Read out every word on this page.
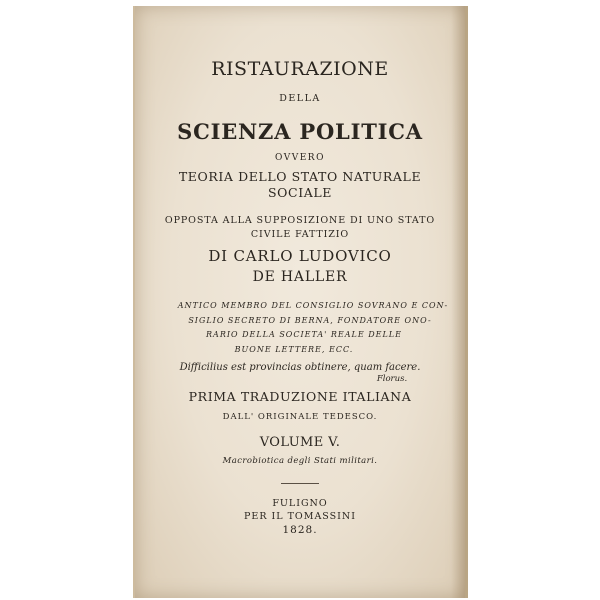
RISTAURAZIONE
DELLA
SCIENZA POLITICA
OVVERO
TEORIA DELLO STATO NATURALE
SOCIALE
OPPOSTA ALLA SUPPOSIZIONE DI UNO STATO
CIVILE FATTIZIO
DI CARLO LUDOVICO
DE HALLER
ANTICO MEMBRO DEL CONSIGLIO SOVRANO E CON-
SIGLIO SECRETO DI BERNA, FONDATORE ONO-
RARIO DELLA SOCIETA' REALE DELLE
BUONE LETTERE, ECC.
Difficilius est provincias obtinere, quam facere.
Florus.
PRIMA TRADUZIONE ITALIANA
DALL' ORIGINALE TEDESCO.
VOLUME V.
Macrobiotica degli Stati militari.
FULIGNO
PER IL TOMASSINI
1828.
